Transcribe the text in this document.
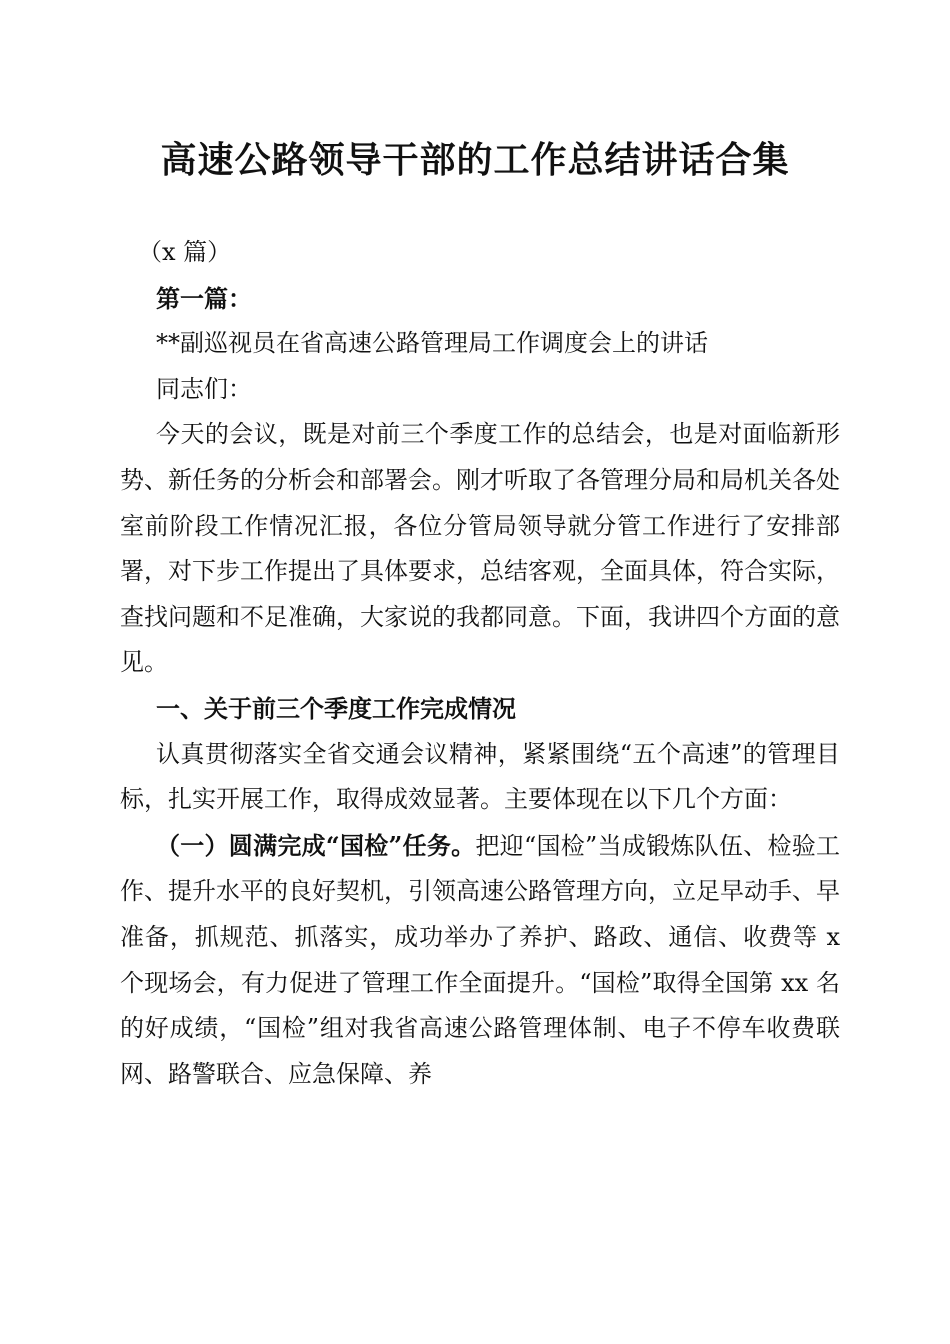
高速公路领导干部的工作总结讲话合集

（x 篇）

第一篇：

**副巡视员在省高速公路管理局工作调度会上的讲话

同志们：

今天的会议，既是对前三个季度工作的总结会，也是对面临新形势、新任务的分析会和部署会。刚才听取了各管理分局和局机关各处室前阶段工作情况汇报，各位分管局领导就分管工作进行了安排部署，对下步工作提出了具体要求，总结客观，全面具体，符合实际，查找问题和不足准确，大家说的我都同意。下面，我讲四个方面的意见。

一、关于前三个季度工作完成情况

认真贯彻落实全省交通会议精神，紧紧围绕“五个高速”的管理目标，扎实开展工作，取得成效显著。主要体现在以下几个方面：

（一）圆满完成“国检”任务。把迎“国检”当成锻炼队伍、检验工作、提升水平的良好契机，引领高速公路管理方向，立足早动手、早准备，抓规范、抓落实，成功举办了养护、路政、通信、收费等 x 个现场会，有力促进了管理工作全面提升。“国检”取得全国第 xx 名的好成绩，“国检”组对我省高速公路管理体制、电子不停车收费联网、路警联合、应急保障、养
